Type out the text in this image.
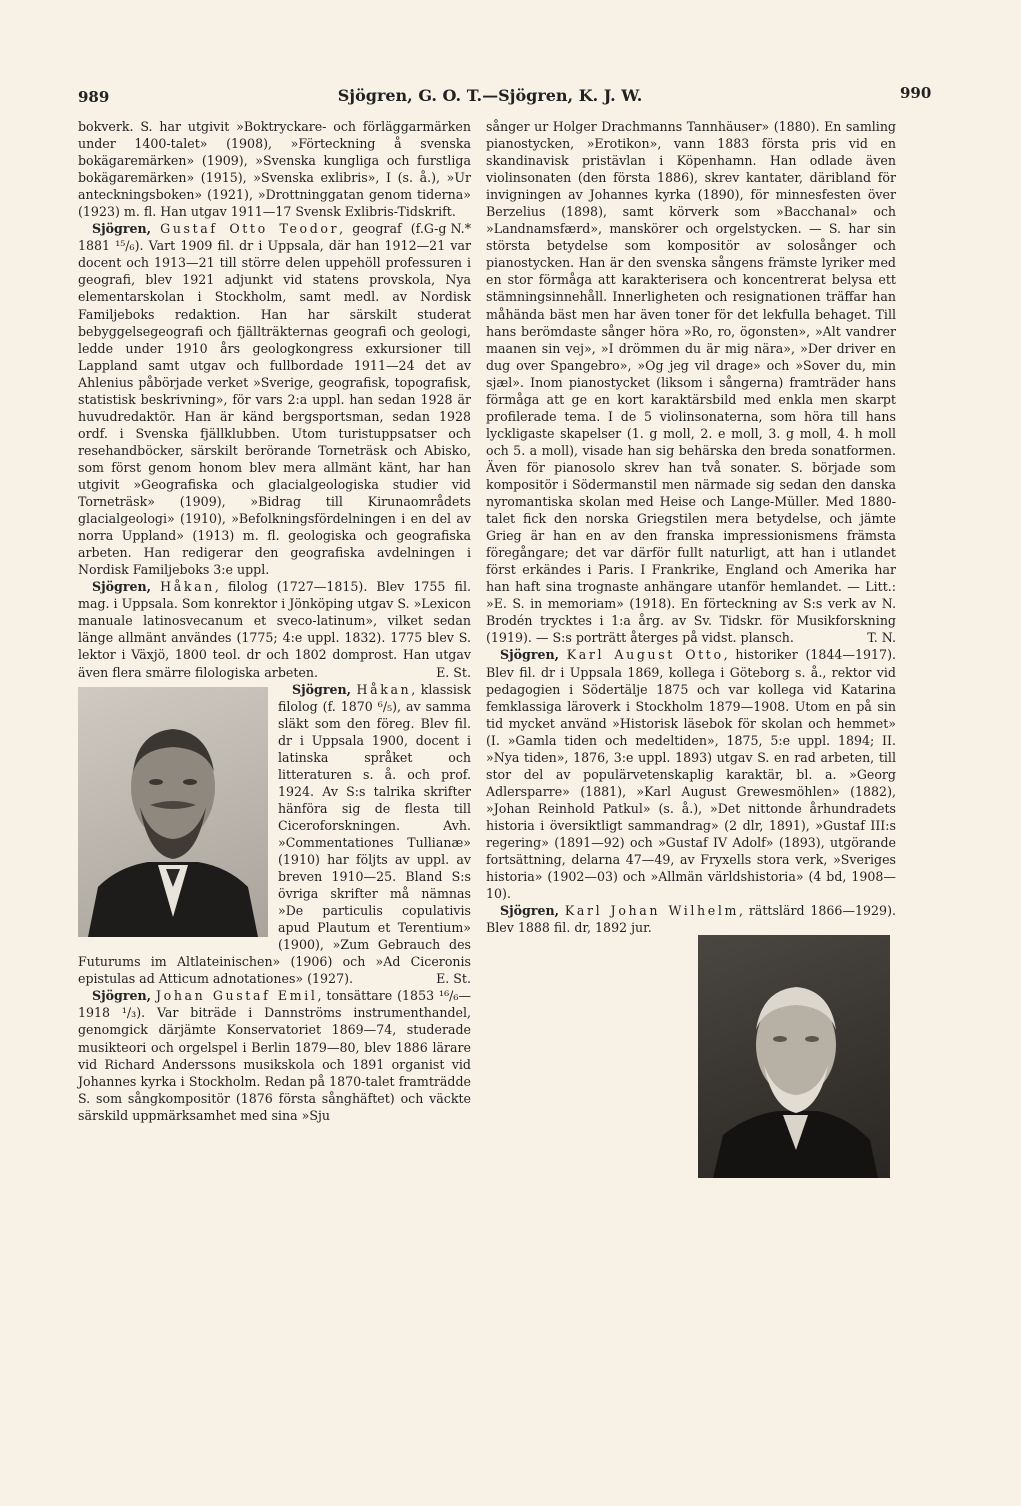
989	Sjögren, G. O. T.—Sjögren, K. J. W.	990

bokverk. S. har utgivit »Boktryckare- och förläggarmärken under 1400-talet» (1908), »Förteckning å svenska bokägaremärken» (1909), »Svenska kungliga och furstliga bokägaremärken» (1915), »Svenska exlibris», I (s. å.), »Ur anteckningsboken» (1921), »Drottninggatan genom tiderna» (1923) m. fl. Han utgav 1911—17 Svensk Exlibris-Tidskrift.
G-g N.*

Sjögren, Gustaf Otto Teodor, geograf (f. 1881 ¹⁵/₆). Vart 1909 fil. dr i Uppsala, där han 1912—21 var docent och 1913—21 till större delen uppehöll professuren i geografi, blev 1921 adjunkt vid statens provskola, Nya elementarskolan i Stockholm, samt medl. av Nordisk Familjeboks redaktion. Han har särskilt studerat bebyggelsegeografi och fjällträkternas geografi och geologi, ledde under 1910 års geologkongress exkursioner till Lappland samt utgav och fullbordade 1911—24 det av Ahlenius påbörjade verket »Sverige, geografisk, topografisk, statistisk beskrivning», för vars 2:a uppl. han sedan 1928 är huvudredaktör. Han är känd bergsportsman, sedan 1928 ordf. i Svenska fjällklubben. Utom turistuppsatser och resehandböcker, särskilt berörande Torneträsk och Abisko, som först genom honom blev mera allmänt känt, har han utgivit »Geografiska och glacialgeologiska studier vid Torneträsk» (1909), »Bidrag till Kirunaområdets glacialgeologi» (1910), »Befolkningsfördelningen i en del av norra Uppland» (1913) m. fl. geologiska och geografiska arbeten. Han redigerar den geografiska avdelningen i Nordisk Familjeboks 3:e uppl.

Sjögren, Håkan, filolog (1727—1815). Blev 1755 fil. mag. i Uppsala. Som konrektor i Jönköping utgav S. »Lexicon manuale latinosvecanum et sveco-latinum», vilket sedan länge allmänt användes (1775; 4:e uppl. 1832). 1775 blev S. lektor i Växjö, 1800 teol. dr och 1802 domprost. Han utgav även flera smärre filologiska arbeten.	E. St.

Sjögren, Håkan, klassisk filolog (f. 1870 ⁶/₅), av samma släkt som den föreg. Blev fil. dr i Uppsala 1900, docent i latinska språket och litteraturen s. å. och prof. 1924. Av S:s talrika skrifter hänföra sig de flesta till Ciceroforskningen. Avh. »Commentationes Tullianæ» (1910) har följts av uppl. av breven 1910—25. Bland S:s övriga skrifter må nämnas »De particulis copulativis apud Plautum et Terentium» (1900), »Zum Gebrauch des Futurums im Altlateinischen» (1906) och »Ad Ciceronis epistulas ad Atticum adnotationes» (1927).	E. St.

Sjögren, Johan Gustaf Emil, tonsättare (1853 ¹⁶/₆—1918 ¹/₃). Var biträde i Dannströms instrumenthandel, genomgick därjämte Konservatoriet 1869—74, studerade musikteori och orgelspel i Berlin 1879—80, blev 1886 lärare vid Richard Anderssons musikskola och 1891 organist vid Johannes kyrka i Stockholm. Redan på 1870-talet framträdde S. som sångkompositör (1876 första sånghäftet) och väckte särskild uppmärksamhet med sina »Sju

sånger ur Holger Drachmanns Tannhäuser» (1880). En samling pianostycken, »Erotikon», vann 1883 första pris vid en skandinavisk pristävlan i Köpenhamn. Han odlade även violinsonaten (den första 1886), skrev kantater, däribland för invigningen av Johannes kyrka (1890), för minnesfesten över Berzelius (1898), samt körverk som »Bacchanal» och »Landnamsfærd», manskörer och orgelstycken. — S. har sin största betydelse som kompositör av solosånger och pianostycken. Han är den svenska sångens främste lyriker med en stor förmåga att karakterisera och koncentrerat belysa ett stämningsinnehåll. Innerligheten och resignationen träffar han måhända bäst men har även toner för det lekfulla behaget. Till hans berömdaste sånger höra »Ro, ro, ögonsten», »Alt vandrer maanen sin vej», »I drömmen du är mig nära», »Der driver en dug over Spangebro», »Og jeg vil drage» och »Sover du, min sjæl». Inom pianostycket (liksom i sångerna) framträder hans förmåga att ge en kort karaktärsbild med enkla men skarpt profilerade tema. I de 5 violinsonaterna, som höra till hans lyckligaste skapelser (1. g moll, 2. e moll, 3. g moll, 4. h moll och 5. a moll), visade han sig behärska den breda sonatformen. Även för pianosolo skrev han två sonater. S. började som kompositör i Södermanstil men närmade sig sedan den danska nyromantiska skolan med Heise och Lange-Müller. Med 1880-talet fick den norska Griegstilen mera betydelse, och jämte Grieg är han en av den franska impressionismens främsta föregångare; det var därför fullt naturligt, att han i utlandet först erkändes i Paris. I Frankrike, England och Amerika har han haft sina trognaste anhängare utanför hemlandet. — Litt.: »E. S. in memoriam» (1918). En förteckning av S:s verk av N. Brodén trycktes i 1:a årg. av Sv. Tidskr. för Musikforskning (1919). — S:s porträtt återges på vidst. plansch.	T. N.

Sjögren, Karl August Otto, historiker (1844—1917). Blev fil. dr i Uppsala 1869, kollega i Göteborg s. å., rektor vid pedagogien i Södertälje 1875 och var kollega vid Katarina femklassiga läroverk i Stockholm 1879—1908. Utom en på sin tid mycket använd »Historisk läsebok för skolan och hemmet» (I. »Gamla tiden och medeltiden», 1875, 5:e uppl. 1894; II. »Nya tiden», 1876, 3:e uppl. 1893) utgav S. en rad arbeten, till stor del av populärvetenskaplig karaktär, bl. a. »Georg Adlersparre» (1881), »Karl August Grewesmöhlen» (1882), »Johan Reinhold Patkul» (s. å.), »Det nittonde århundradets historia i översiktligt sammandrag» (2 dlr, 1891), »Gustaf III:s regering» (1891—92) och »Gustaf IV Adolf» (1893), utgörande fortsättning, delarna 47—49, av Fryxells stora verk, »Sveriges historia» (1902—03) och »Allmän världshistoria» (4 bd, 1908—10).

Sjögren, Karl Johan Wilhelm, rättslärd 1866—1929). Blev 1888 fil. dr, 1892 jur.
